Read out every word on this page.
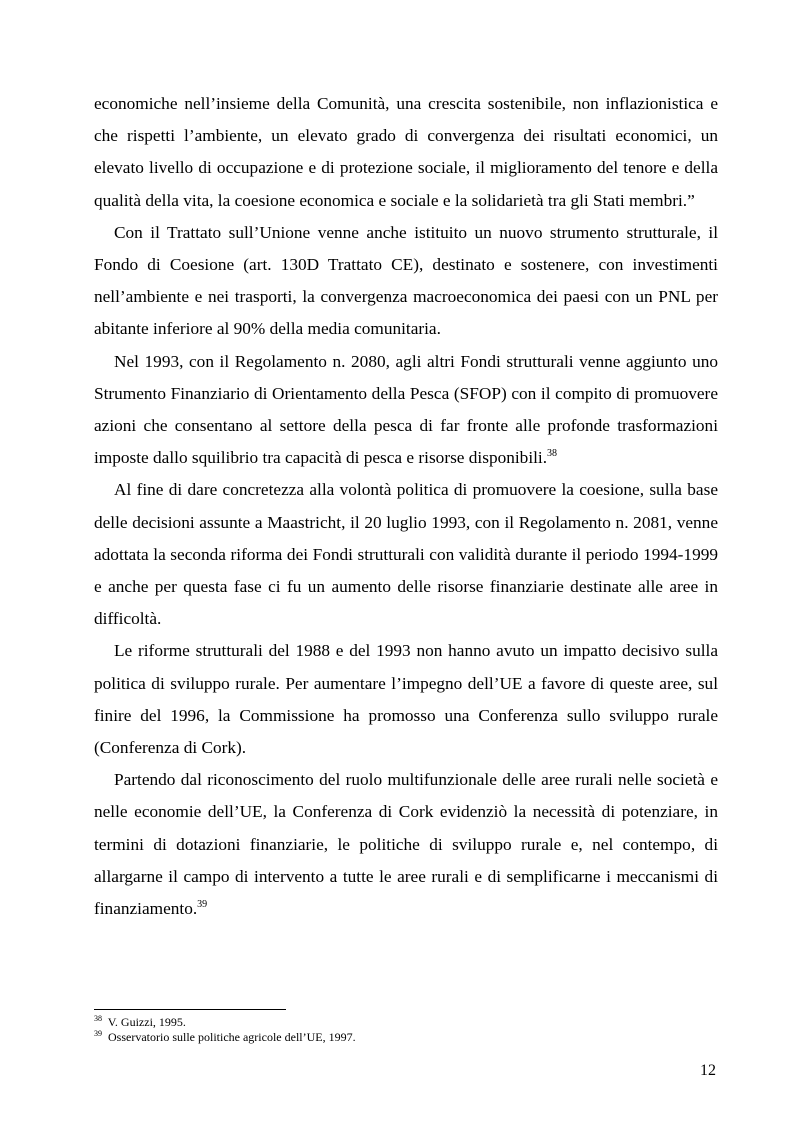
economiche nell’insieme della Comunità, una crescita sostenibile, non inflazionistica e che rispetti l’ambiente, un elevato grado di convergenza dei risultati economici, un elevato livello di occupazione e di protezione sociale, il miglioramento del tenore e della qualità della vita, la coesione economica e sociale e la solidarietà tra gli Stati membri.”

Con il Trattato sull’Unione venne anche istituito un nuovo strumento strutturale, il Fondo di Coesione (art. 130D Trattato CE), destinato e sostenere, con investimenti nell’ambiente e nei trasporti, la convergenza macroeconomica dei paesi con un PNL per abitante inferiore al 90% della media comunitaria.

Nel 1993, con il Regolamento n. 2080, agli altri Fondi strutturali venne aggiunto uno Strumento Finanziario di Orientamento della Pesca (SFOP) con il compito di promuovere azioni che consentano al settore della pesca di far fronte alle profonde trasformazioni imposte dallo squilibrio tra capacità di pesca e risorse disponibili.$^{38}$

Al fine di dare concretezza alla volontà politica di promuovere la coesione, sulla base delle decisioni assunte a Maastricht, il 20 luglio 1993, con il Regolamento n. 2081, venne adottata la seconda riforma dei Fondi strutturali con validità durante il periodo 1994-1999 e anche per questa fase ci fu un aumento delle risorse finanziarie destinate alle aree in difficoltà.

Le riforme strutturali del 1988 e del 1993 non hanno avuto un impatto decisivo sulla politica di sviluppo rurale. Per aumentare l’impegno dell’UE a favore di queste aree, sul finire del 1996, la Commissione ha promosso una Conferenza sullo sviluppo rurale (Conferenza di Cork).

Partendo dal riconoscimento del ruolo multifunzionale delle aree rurali nelle società e nelle economie dell’UE, la Conferenza di Cork evidenziò la necessità di potenziare, in termini di dotazioni finanziarie, le politiche di sviluppo rurale e, nel contempo, di allargarne il campo di intervento a tutte le aree rurali e di semplificarne i meccanismi di finanziamento.$^{39}$

$^{38}$ V. Guizzi, 1995.
$^{39}$ Osservatorio sulle politiche agricole dell’UE, 1997.
12
